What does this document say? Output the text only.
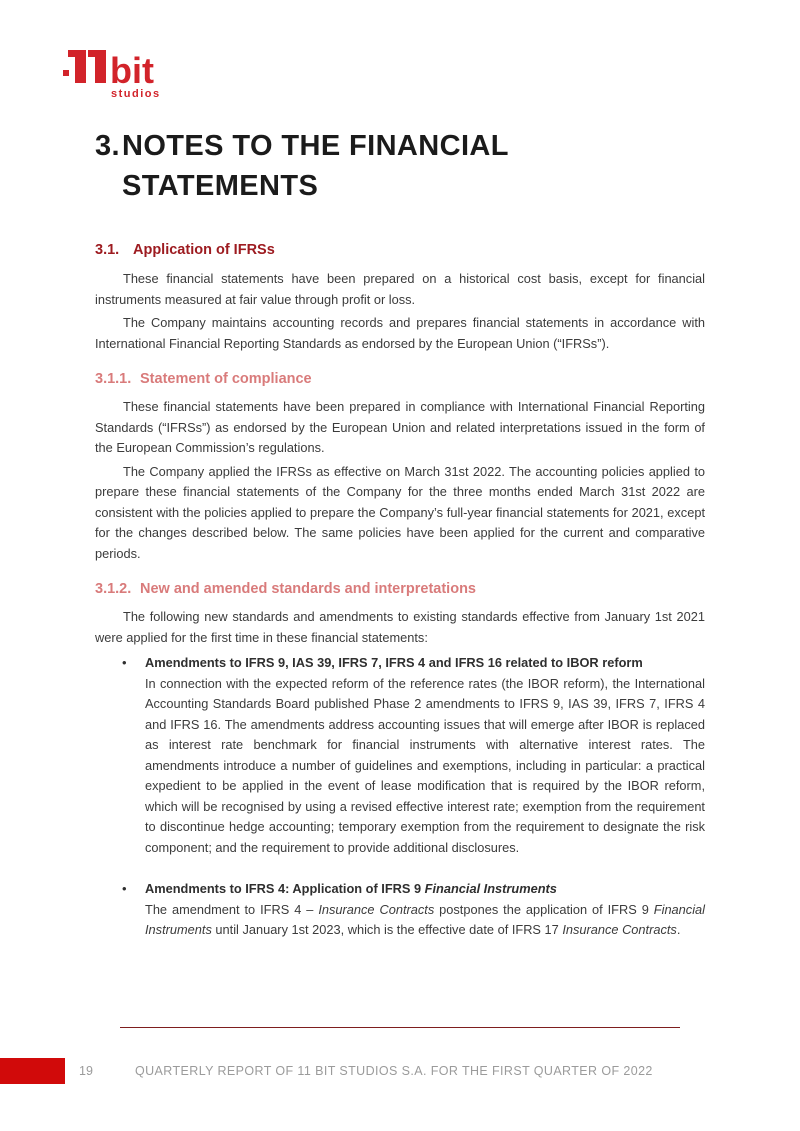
bit
studios
3. NOTES TO THE FINANCIAL
STATEMENTS
3.1. Application of IFRSs

These financial statements have been prepared on a historical cost basis, except for financial instruments measured at fair value through profit or loss.

The Company maintains accounting records and prepares financial statements in accordance with International Financial Reporting Standards as endorsed by the European Union (“IFRSs”).

3.1.1. Statement of compliance

These financial statements have been prepared in compliance with International Financial Reporting Standards (“IFRSs”) as endorsed by the European Union and related interpretations issued in the form of the European Commission’s regulations.

The Company applied the IFRSs as effective on March 31st 2022. The accounting policies applied to prepare these financial statements of the Company for the three months ended March 31st 2022 are consistent with the policies applied to prepare the Company’s full-year financial statements for 2021, except for the changes described below. The same policies have been applied for the current and comparative periods.

3.1.2. New and amended standards and interpretations

The following new standards and amendments to existing standards effective from January 1st 2021 were applied for the first time in these financial statements:

• Amendments to IFRS 9, IAS 39, IFRS 7, IFRS 4 and IFRS 16 related to IBOR reform

In connection with the expected reform of the reference rates (the IBOR reform), the International Accounting Standards Board published Phase 2 amendments to IFRS 9, IAS 39, IFRS 7, IFRS 4 and IFRS 16. The amendments address accounting issues that will emerge after IBOR is replaced as interest rate benchmark for financial instruments with alternative interest rates. The amendments introduce a number of guidelines and exemptions, including in particular: a practical expedient to be applied in the event of lease modification that is required by the IBOR reform, which will be recognised by using a revised effective interest rate; exemption from the requirement to discontinue hedge accounting; temporary exemption from the requirement to designate the risk component; and the requirement to provide additional disclosures.

• Amendments to IFRS 4: Application of IFRS 9 Financial Instruments

The amendment to IFRS 4 – Insurance Contracts postpones the application of IFRS 9 Financial Instruments until January 1st 2023, which is the effective date of IFRS 17 Insurance Contracts.

19	QUARTERLY REPORT OF 11 BIT STUDIOS S.A. FOR THE FIRST QUARTER OF 2022
